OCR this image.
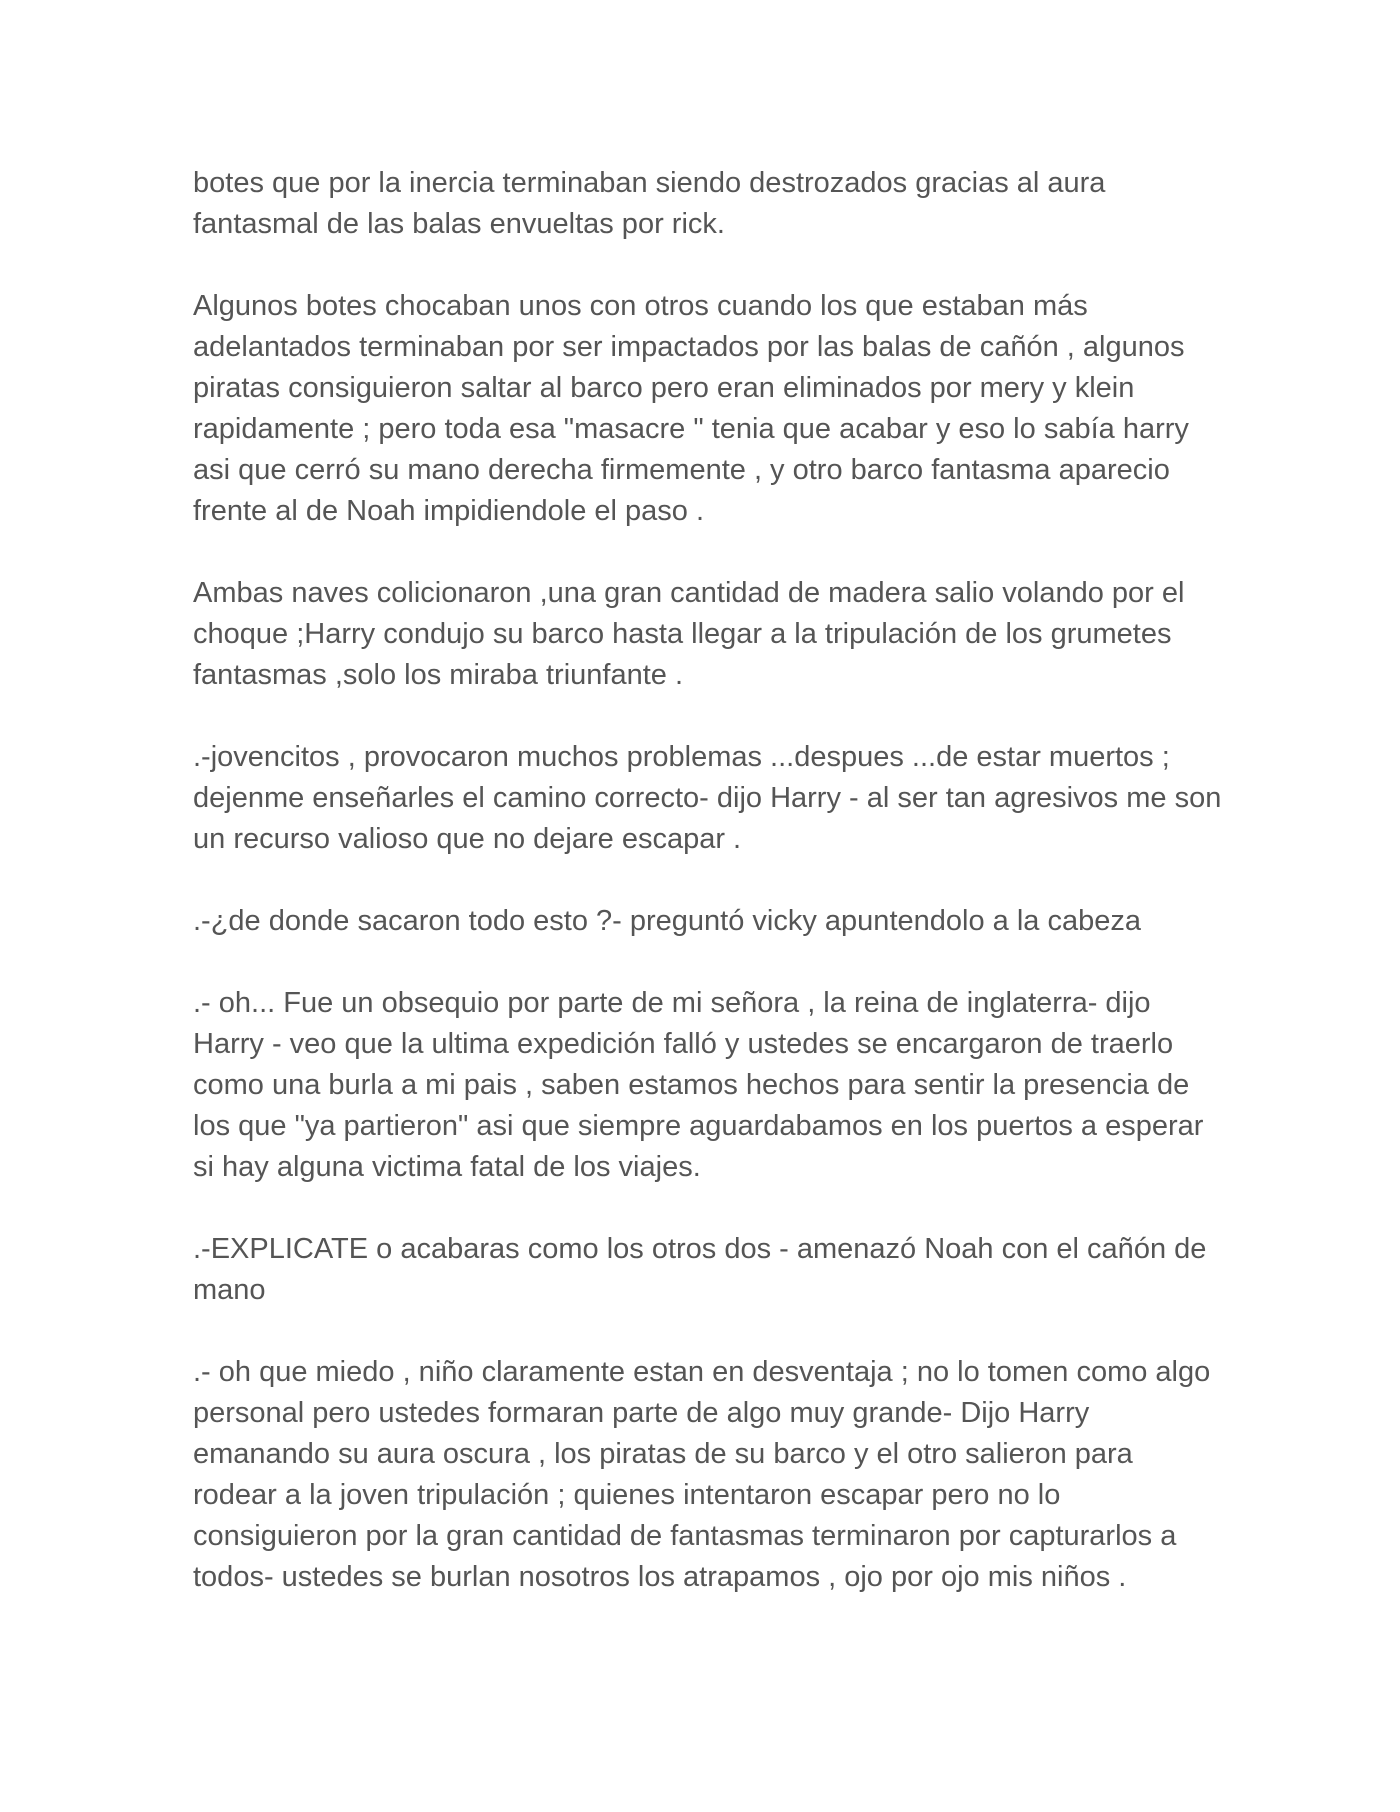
botes que por la inercia terminaban siendo destrozados gracias al aura fantasmal de las balas envueltas por rick.

Algunos botes chocaban unos con otros cuando los que estaban más adelantados terminaban por ser impactados por las balas de cañón , algunos piratas consiguieron saltar al barco pero eran eliminados por mery y klein rapidamente ; pero toda esa "masacre " tenia que acabar y eso lo sabía harry asi que cerró su mano derecha firmemente , y otro barco fantasma aparecio frente al de Noah impidiendole el paso .

Ambas naves colicionaron ,una gran cantidad de madera salio volando por el choque ;Harry condujo su barco hasta llegar a la tripulación de los grumetes fantasmas ,solo los miraba triunfante .

.-jovencitos , provocaron muchos problemas ...despues ...de estar muertos ; dejenme enseñarles el camino correcto- dijo Harry - al ser tan agresivos me son un recurso valioso que no dejare escapar .

.-¿de donde sacaron todo esto ?- preguntó vicky apuntendolo a la cabeza

.- oh... Fue un obsequio por parte de mi señora , la reina de inglaterra- dijo Harry - veo que la ultima expedición falló y ustedes se encargaron de traerlo como una burla a mi pais , saben estamos hechos para sentir la presencia de los que "ya partieron" asi que siempre aguardabamos en los puertos a esperar si hay alguna victima fatal de los viajes.

.-EXPLICATE o acabaras como los otros dos - amenazó Noah con el cañón de mano

.- oh que miedo , niño claramente estan en desventaja ; no lo tomen como algo personal pero ustedes formaran parte de algo muy grande- Dijo Harry emanando su aura oscura , los piratas de su barco y el otro salieron para rodear a la joven tripulación ; quienes intentaron escapar pero no lo consiguieron por la gran cantidad de fantasmas terminaron por capturarlos a todos- ustedes se burlan nosotros los atrapamos , ojo por ojo mis niños .
